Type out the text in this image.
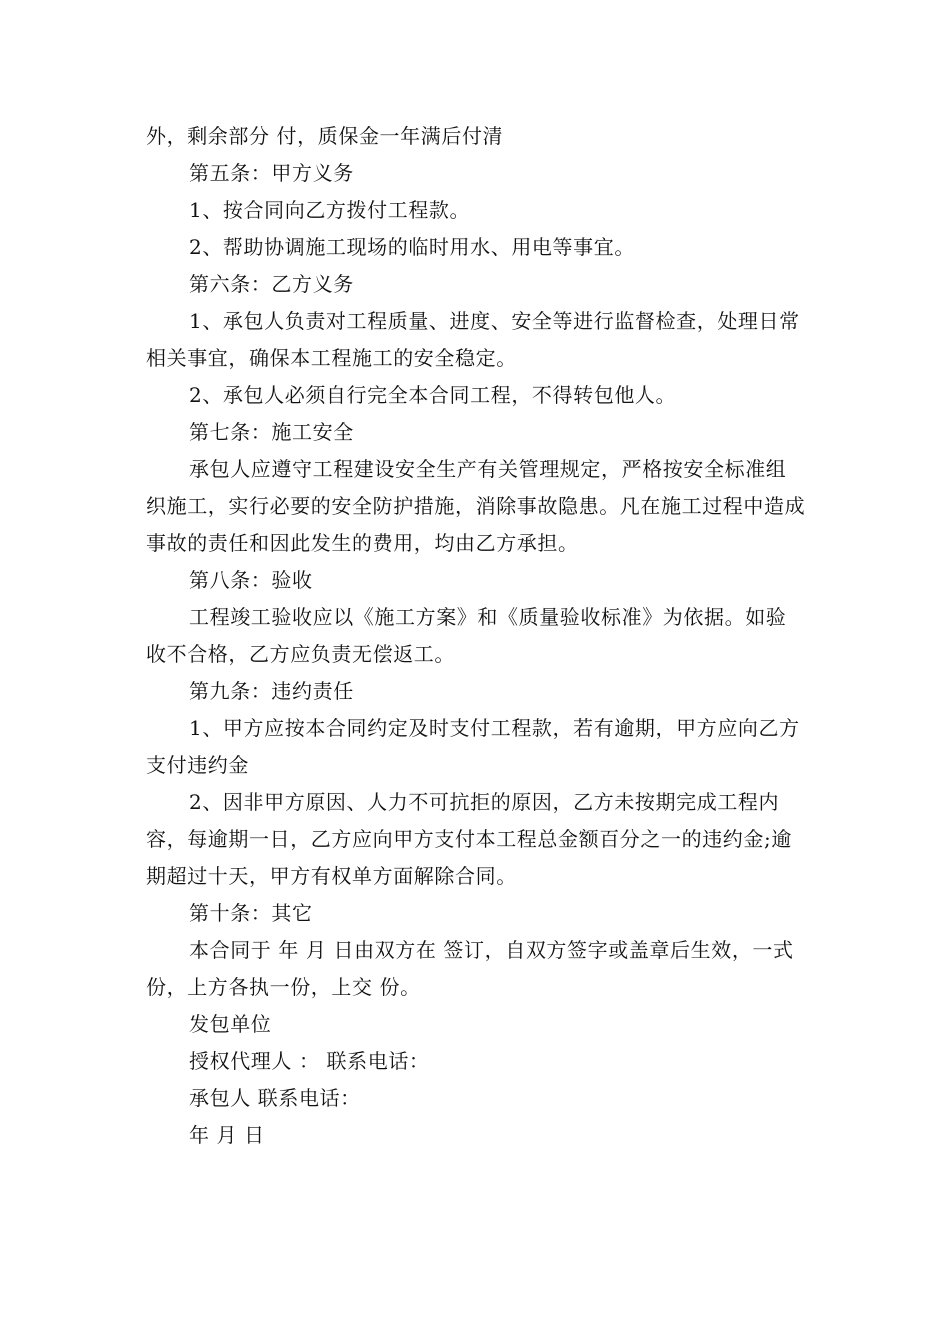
外，剩余部分 付，质保金一年满后付清

第五条：甲方义务

1、按合同向乙方拨付工程款。

2、帮助协调施工现场的临时用水、用电等事宜。

第六条：乙方义务

1、承包人负责对工程质量、进度、安全等进行监督检查，处理日常相关事宜，确保本工程施工的安全稳定。

2、承包人必须自行完全本合同工程，不得转包他人。

第七条：施工安全

承包人应遵守工程建设安全生产有关管理规定，严格按安全标准组织施工，实行必要的安全防护措施，消除事故隐患。凡在施工过程中造成事故的责任和因此发生的费用，均由乙方承担。

第八条：验收

工程竣工验收应以《施工方案》和《质量验收标准》为依据。如验收不合格，乙方应负责无偿返工。

第九条：违约责任

1、甲方应按本合同约定及时支付工程款，若有逾期，甲方应向乙方支付违约金

2、因非甲方原因、人力不可抗拒的原因，乙方未按期完成工程内容，每逾期一日，乙方应向甲方支付本工程总金额百分之一的违约金;逾期超过十天，甲方有权单方面解除合同。

第十条：其它

本合同于 年 月 日由双方在 签订，自双方签字或盖章后生效，一式 份，上方各执一份，上交 份。

发包单位

授权代理人 ： 联系电话：

承包人 联系电话：

年 月 日
